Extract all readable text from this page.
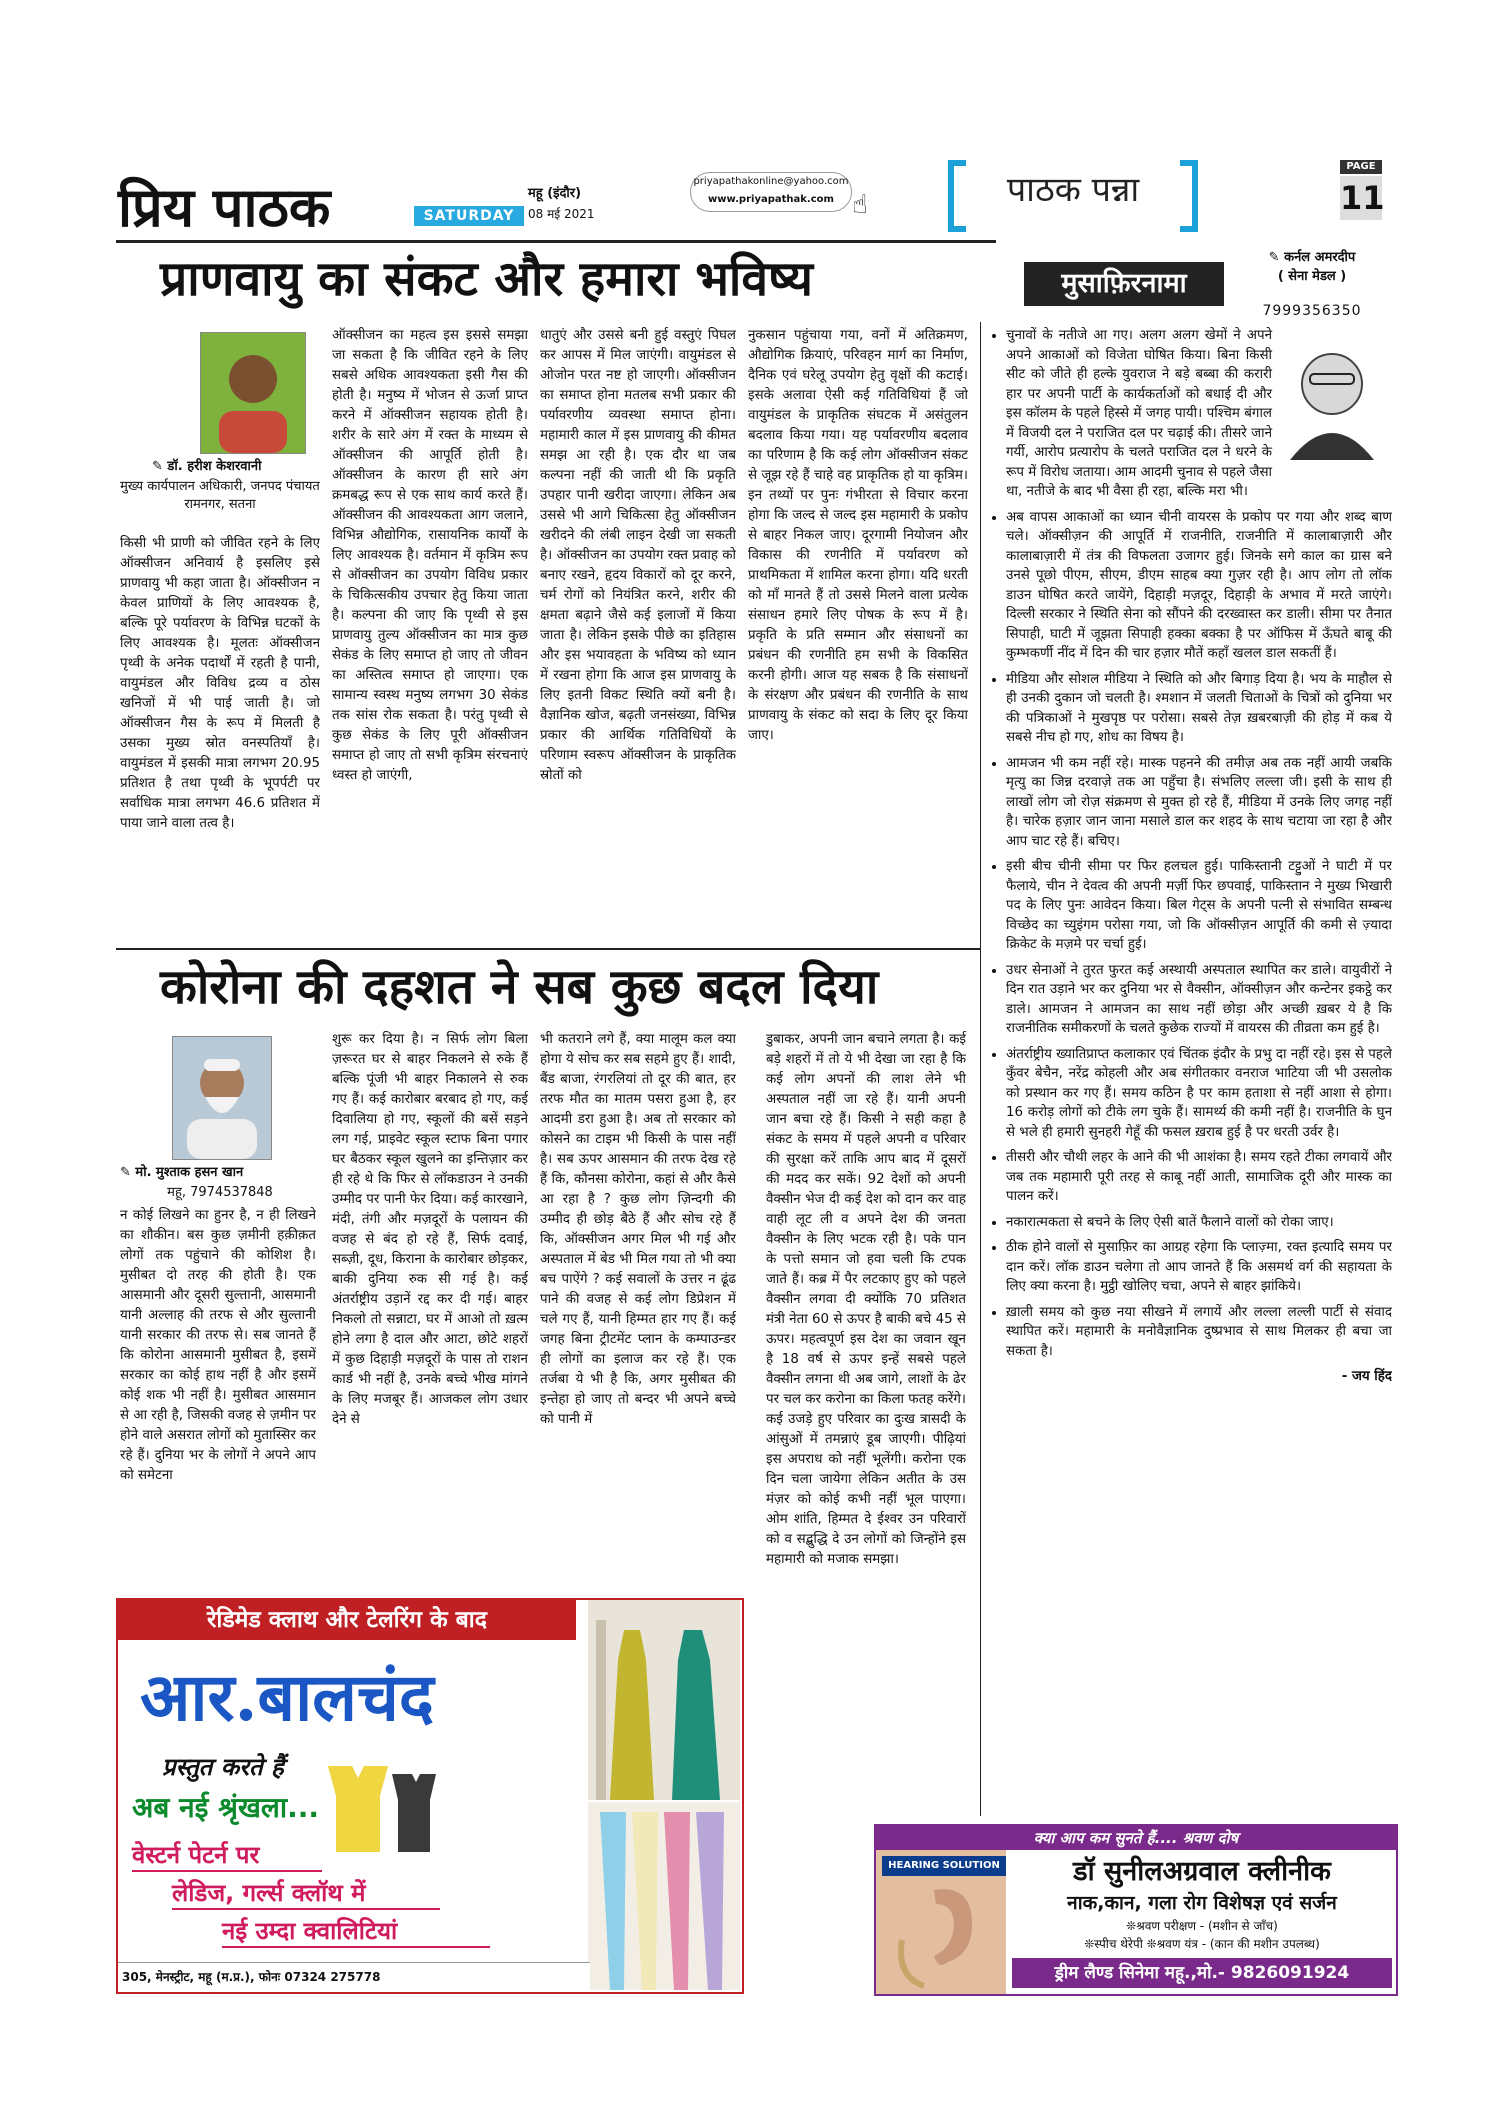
प्रिय पाठक	SATURDAY
महू (इंदौर)
08 मई 2021
priyapathakonline@yahoo.com
www.priyapathak.com ☝	पाठक पन्ना
PAGE
11
प्राणवायु का संकट और हमारा भविष्य
✎ डॉ. हरीश केशरवानी
मुख्य कार्यपालन अधिकारी, जनपद पंचायत रामनगर, सतना
किसी भी प्राणी को जीवित रहने के लिए ऑक्सीजन अनिवार्य है इसलिए इसे प्राणवायु भी कहा जाता है। ऑक्सीजन न केवल प्राणियों के लिए आवश्यक है, बल्कि पूरे पर्यावरण के विभिन्न घटकों के लिए आवश्यक है। मूलतः ऑक्सीजन पृथ्वी के अनेक पदार्थों में रहती है पानी, वायुमंडल और विविध द्रव्य व ठोस खनिजों में भी पाई जाती है। जो ऑक्सीजन गैस के रूप में मिलती है उसका मुख्य स्रोत वनस्पतियाँ है। वायुमंडल में इसकी मात्रा लगभग 20.95 प्रतिशत है तथा पृथ्वी के भूपर्पटी पर सर्वाधिक मात्रा लगभग 46.6 प्रतिशत में पाया जाने वाला तत्व है।
ऑक्सीजन का महत्व इस इससे समझा जा सकता है कि जीवित रहने के लिए सबसे अधिक आवश्यकता इसी गैस की होती है। मनुष्य में भोजन से ऊर्जा प्राप्त करने में ऑक्सीजन सहायक होती है। शरीर के सारे अंग में रक्त के माध्यम से ऑक्सीजन की आपूर्ति होती है। ऑक्सीजन के कारण ही सारे अंग क्रमबद्ध रूप से एक साथ कार्य करते हैं। ऑक्सीजन की आवश्यकता आग जलाने, विभिन्न औद्योगिक, रासायनिक कार्यों के लिए आवश्यक है। वर्तमान में कृत्रिम रूप से ऑक्सीजन का उपयोग विविध प्रकार के चिकित्सकीय उपचार हेतु किया जाता है। कल्पना की जाए कि पृथ्वी से इस प्राणवायु तुल्य ऑक्सीजन का मात्र कुछ सेकंड के लिए समाप्त हो जाए तो जीवन का अस्तित्व समाप्त हो जाएगा। एक सामान्य स्वस्थ मनुष्य लगभग 30 सेकंड तक सांस रोक सकता है। परंतु पृथ्वी से कुछ सेकंड के लिए पूरी ऑक्सीजन समाप्त हो जाए तो सभी कृत्रिम संरचनाएं ध्वस्त हो जाएंगी,
धातुएं और उससे बनी हुई वस्तुएं पिघल कर आपस में मिल जाएंगी। वायुमंडल से ओजोन परत नष्ट हो जाएगी। ऑक्सीजन का समाप्त होना मतलब सभी प्रकार की पर्यावरणीय व्यवस्था समाप्त होना। महामारी काल में इस प्राणवायु की कीमत समझ आ रही है। एक दौर था जब कल्पना नहीं की जाती थी कि प्रकृति उपहार पानी खरीदा जाएगा। लेकिन अब उससे भी आगे चिकित्सा हेतु ऑक्सीजन खरीदने की लंबी लाइन देखी जा सकती है। ऑक्सीजन का उपयोग रक्त प्रवाह को बनाए रखने, हृदय विकारों को दूर करने, चर्म रोगों को नियंत्रित करने, शरीर की क्षमता बढ़ाने जैसे कई इलाजों में किया जाता है। लेकिन इसके पीछे का इतिहास और इस भयावहता के भविष्य को ध्यान में रखना होगा कि आज इस प्राणवायु के लिए इतनी विकट स्थिति क्यों बनी है। वैज्ञानिक खोज, बढ़ती जनसंख्या, विभिन्न प्रकार की आर्थिक गतिविधियों के परिणाम स्वरूप ऑक्सीजन के प्राकृतिक स्रोतों को
नुकसान पहुंचाया गया, वनों में अतिक्रमण, औद्योगिक क्रियाएं, परिवहन मार्ग का निर्माण, दैनिक एवं घरेलू उपयोग हेतु वृक्षों की कटाई। इसके अलावा ऐसी कई गतिविधियां हैं जो वायुमंडल के प्राकृतिक संघटक में असंतुलन बदलाव किया गया। यह पर्यावरणीय बदलाव का परिणाम है कि कई लोग ऑक्सीजन संकट से जूझ रहे हैं चाहे वह प्राकृतिक हो या कृत्रिम। इन तथ्यों पर पुनः गंभीरता से विचार करना होगा कि जल्द से जल्द इस महामारी के प्रकोप से बाहर निकल जाए। दूरगामी नियोजन और विकास की रणनीति में पर्यावरण को प्राथमिकता में शामिल करना होगा। यदि धरती को माँ मानते हैं तो उससे मिलने वाला प्रत्येक संसाधन हमारे लिए पोषक के रूप में है। प्रकृति के प्रति सम्मान और संसाधनों का प्रबंधन की रणनीति हम सभी के विकसित करनी होगी। आज यह सबक है कि संसाधनों के संरक्षण और प्रबंधन की रणनीति के साथ प्राणवायु के संकट को सदा के लिए दूर किया जाए।
कोरोना की दहशत ने सब कुछ बदल दिया
✎ मो. मुश्ताक हसन खान
महू, 7974537848
न कोई लिखने का हुनर है, न ही लिखने का शौकीन। बस कुछ ज़मीनी हक़ीक़त लोगों तक पहुंचाने की कोशिश है। मुसीबत दो तरह की होती है। एक आसमानी और दूसरी सुल्तानी, आसमानी यानी अल्लाह की तरफ से और सुल्तानी यानी सरकार की तरफ से। सब जानते हैं कि कोरोना आसमानी मुसीबत है, इसमें सरकार का कोई हाथ नहीं है और इसमें कोई शक भी नहीं है। मुसीबत आसमान से आ रही है, जिसकी वजह से ज़मीन पर होने वाले असरात लोगों को मुतास्सिर कर रहे हैं। दुनिया भर के लोगों ने अपने आप को समेटना
शुरू कर दिया है। न सिर्फ लोग बिला ज़रूरत घर से बाहर निकलने से रुके हैं बल्कि पूंजी भी बाहर निकालने से रुक गए हैं। कई कारोबार बरबाद हो गए, कई दिवालिया हो गए, स्कूलों की बसें सड़ने लग गई, प्राइवेट स्कूल स्टाफ बिना पगार घर बैठकर स्कूल खुलने का इन्तिज़ार कर ही रहे थे कि फिर से लॉकडाउन ने उनकी उम्मीद पर पानी फेर दिया। कई कारखाने, मंदी, तंगी और मज़दूरों के पलायन की वजह से बंद हो रहे हैं, सिर्फ दवाई, सब्ज़ी, दूध, किराना के कारोबार छोड़कर, बाकी दुनिया रुक सी गई है। कई अंतर्राष्ट्रीय उड़ानें रद्द कर दी गई। बाहर निकलो तो सन्नाटा, घर में आओ तो ख़त्म होने लगा है दाल और आटा, छोटे शहरों में कुछ दिहाड़ी मज़दूरों के पास तो राशन कार्ड भी नहीं है, उनके बच्चे भीख मांगने के लिए मजबूर हैं। आजकल लोग उधार देने से
भी कतराने लगे हैं, क्या मालूम कल क्या होगा ये सोच कर सब सहमे हुए हैं। शादी, बैंड बाजा, रंगरलियां तो दूर की बात, हर तरफ मौत का मातम पसरा हुआ है, हर आदमी डरा हुआ है। अब तो सरकार को कोसने का टाइम भी किसी के पास नहीं है। सब ऊपर आसमान की तरफ देख रहे हैं कि, कौनसा कोरोना, कहां से और कैसे आ रहा है ? कुछ लोग ज़िन्दगी की उम्मीद ही छोड़ बैठे हैं और सोच रहे हैं कि, ऑक्सीजन अगर मिल भी गई और अस्पताल में बेड भी मिल गया तो भी क्या बच पाऐंगे ? कई सवालों के उत्तर न ढूंढ पाने की वजह से कई लोग डिप्रेशन में चले गए हैं, यानी हिम्मत हार गए हैं। कई जगह बिना ट्रीटमेंट प्लान के कम्पाउन्डर ही लोगों का इलाज कर रहे हैं। एक तर्जबा ये भी है कि, अगर मुसीबत की इन्तेहा हो जाए तो बन्दर भी अपने बच्चे को पानी में
डुबाकर, अपनी जान बचाने लगता है। कई बड़े शहरों में तो ये भी देखा जा रहा है कि कई लोग अपनों की लाश लेने भी अस्पताल नहीं जा रहे हैं। यानी अपनी जान बचा रहे हैं। किसी ने सही कहा है संकट के समय में पहले अपनी व परिवार की सुरक्षा करें ताकि आप बाद में दूसरों की मदद कर सकें। 92 देशों को अपनी वैक्सीन भेज दी कई देश को दान कर वाह वाही लूट ली व अपने देश की जनता वैक्सीन के लिए भटक रही है। पके पान के पत्तो समान जो हवा चली कि टपक जाते हैं। कब्र में पैर लटकाए हुए को पहले वैक्सीन लगवा दी क्योंकि 70 प्रतिशत मंत्री नेता 60 से ऊपर है बाकी बचे 45 से ऊपर। महत्वपूर्ण इस देश का जवान खून है 18 वर्ष से ऊपर इन्हें सबसे पहले वैक्सीन लगना थी अब जागे, लाशों के ढेर पर चल कर करोना का किला फतह करेंगे। कई उजड़े हुए परिवार का दुःख त्रासदी के आंसुओं में तमन्नाएं डूब जाएगी। पीढ़ियां इस अपराध को नहीं भूलेंगी। करोना एक दिन चला जायेगा लेकिन अतीत के उस मंज़र को कोई कभी नहीं भूल पाएगा। ओम शांति, हिम्मत दे ईश्वर उन परिवारों को व सद्बुद्धि दे उन लोगों को जिन्होंने इस महामारी को मजाक समझा।
मुसाफ़िरनामा
✎ कर्नल अमरदीप
( सेना मेडल )
7999356350
• चुनावों के नतीजे आ गए। अलग अलग खेमों ने अपने अपने आकाओं को विजेता घोषित किया। बिना किसी सीट को जीते ही हल्के युवराज ने बड़े बब्बा की करारी हार पर अपनी पार्टी के कार्यकर्ताओं को बधाई दी और इस कॉलम के पहले हिस्से में जगह पायी। पश्चिम बंगाल में विजयी दल ने पराजित दल पर चढ़ाई की। तीसरे जाने गर्यी, आरोप प्रत्यारोप के चलते पराजित दल ने धरने के रूप में विरोध जताया। आम आदमी चुनाव से पहले जैसा था, नतीजे के बाद भी वैसा ही रहा, बल्कि मरा भी।
• अब वापस आकाओं का ध्यान चीनी वायरस के प्रकोप पर गया और शब्द बाण चले। ऑक्सीज़न की आपूर्ति में राजनीति, राजनीति में कालाबाज़ारी और कालाबाज़ारी में तंत्र की विफलता उजागर हुई। जिनके सगे काल का ग्रास बने उनसे पूछो पीएम, सीएम, डीएम साहब क्या गुज़र रही है। आप लोग तो लॉक डाउन घोषित करते जायेंगे, दिहाड़ी मज़दूर, दिहाड़ी के अभाव में मरते जाएंगे। दिल्ली सरकार ने स्थिति सेना को सौंपने की दरख्वास्त कर डाली। सीमा पर तैनात सिपाही, घाटी में जूझता सिपाही हक्का बक्का है पर ऑफिस में ऊँघते बाबू की कुम्भकर्णी नींद में दिन की चार हज़ार मौतें कहाँ खलल डाल सकतीं हैं।
• मीडिया और सोशल मीडिया ने स्थिति को और बिगाड़ दिया है। भय के माहौल से ही उनकी दुकान जो चलती है। श्मशान में जलती चिताओं के चित्रों को दुनिया भर की पत्रिकाओं ने मुखपृष्ठ पर परोसा। सबसे तेज़ ख़बरबाज़ी की होड़ में कब ये सबसे नीच हो गए, शोध का विषय है।
• आमजन भी कम नहीं रहे। मास्क पहनने की तमीज़ अब तक नहीं आयी जबकि मृत्यु का जिन्न दरवाज़े तक आ पहुँचा है। संभलिए लल्ला जी। इसी के साथ ही लाखों लोग जो रोज़ संक्रमण से मुक्त हो रहे हैं, मीडिया में उनके लिए जगह नहीं है। चारेक हज़ार जान जाना मसाले डाल कर शहद के साथ चटाया जा रहा है और आप चाट रहे हैं। बचिए।
• इसी बीच चीनी सीमा पर फिर हलचल हुई। पाकिस्तानी टट्टुओं ने घाटी में पर फैलाये, चीन ने देवत्व की अपनी मर्ज़ी फिर छपवाई, पाकिस्तान ने मुख्य भिखारी पद के लिए पुनः आवेदन किया। बिल गेट्स के अपनी पत्नी से संभावित सम्बन्ध विच्छेद का च्युइंगम परोसा गया, जो कि ऑक्सीज़न आपूर्ति की कमी से ज़्यादा क्रिकेट के मज़मे पर चर्चा हुई।
• उधर सेनाओं ने तुरत फुरत कई अस्थायी अस्पताल स्थापित कर डाले। वायुवीरों ने दिन रात उड़ाने भर कर दुनिया भर से वैक्सीन, ऑक्सीज़न और कन्टेनर इकट्ठे कर डाले। आमजन ने आमजन का साथ नहीं छोड़ा और अच्छी ख़बर ये है कि राजनीतिक समीकरणों के चलते कुछेक राज्यों में वायरस की तीव्रता कम हुई है।
• अंतर्राष्ट्रीय ख्यातिप्राप्त कलाकार एवं चिंतक इंदौर के प्रभु दा नहीं रहे। इस से पहले कुँवर बेचैन, नरेंद्र कोहली और अब संगीतकार वनराज भाटिया जी भी उसलोक को प्रस्थान कर गए हैं। समय कठिन है पर काम हताशा से नहीं आशा से होगा। 16 करोड़ लोगों को टीके लग चुके हैं। सामर्थ्य की कमी नहीं है। राजनीति के घुन से भले ही हमारी सुनहरी गेहूँ की फसल ख़राब हुई है पर धरती उर्वर है।
• तीसरी और चौथी लहर के आने की भी आशंका है। समय रहते टीका लगवायें और जब तक महामारी पूरी तरह से काबू नहीं आती, सामाजिक दूरी और मास्क का पालन करें।
• नकारात्मकता से बचने के लिए ऐसी बातें फैलाने वालों को रोका जाए।
• ठीक होने वालों से मुसाफ़िर का आग्रह रहेगा कि प्लाज़्मा, रक्त इत्यादि समय पर दान करें। लॉक डाउन चलेगा तो आप जानते हैं कि असमर्थ वर्ग की सहायता के लिए क्या करना है। मुट्ठी खोलिए चचा, अपने से बाहर झांकिये।
• ख़ाली समय को कुछ नया सीखने में लगायें और लल्ला लल्ली पार्टी से संवाद स्थापित करें। महामारी के मनोवैज्ञानिक दुष्प्रभाव से साथ मिलकर ही बचा जा सकता है।
- जय हिंद
रेडिमेड क्लाथ और टेलरिंग के बाद
आर.बालचंद
प्रस्तुत करते हैं
अब नई श्रृंखला...
वेस्टर्न पेटर्न पर
लेडिज, गर्ल्स क्लॉथ में
नई उम्दा क्वालिटियां
305, मेनस्ट्रीट, महू (म.प्र.), फोनः 07324 275778
क्या आप कम सुनते हैं.... श्रवण दोष
HEARING SOLUTION	डॉ सुनीलअग्रवाल क्लीनीक
नाक,कान, गला रोग विशेषज्ञ एवं सर्जन
❊श्रवण परीक्षण - (मशीन से जाँच)
❊स्पीच थेरेपी ❊श्रवण यंत्र - (कान की मशीन उपलब्ध)
ड्रीम लैण्ड सिनेमा महू.,मो.- 9826091924
